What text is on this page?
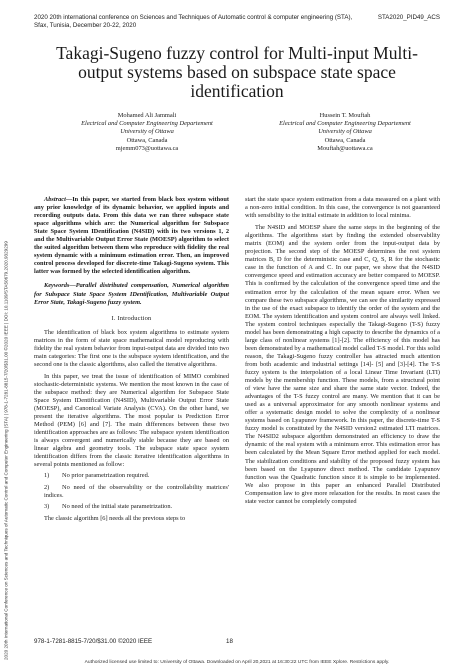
2020 20th international conference on Sciences and Techniques of Automatic control & computer engineering (STA), Sfax, Tunisia, December 20-22, 2020
STA2020_PID49_ACS
2020 20th International Conference on Sciences and Techniques of Automatic Control and Computer Engineering (STA) | 978-1-7281-8815-7/20/$31.00 ©2020 IEEE | DOI: 10.1109/STA50679.2020.9329299
Takagi-Sugeno fuzzy control for Multi-input Multi-output systems based on subspace state space identification
Mohamed Ali Jammali
Electrical and Computer Engineering Departement
University of Ottawa
Ottawa, Canada
mjemm073@uottawa.ca
Hussein T. Mouftah
Electrical and Computer Engineering Departement
University of Ottawa
Ottawa, Canada
Mouftah@uottawa.ca

Abstract—In this paper, we started from black box system without any prior knowledge of its dynamic behavior, we applied inputs and recording outputs data. From this data we ran three subspace state space algorithms which are: the Numerical algorithm for Subspace State Space System IDentification (N4SID) with its two versions 1, 2 and the Multivariable Output Error State (MOESP) algorithm to select the suited algorithm between them who reproduce with fidelity the real system dynamic with a minimum estimation error. Then, an improved control process developed for discrete-time Takagi-Sugeno system. This latter was formed by the selected identification algorithm.

Keywords—Parallel distributed compensation, Numerical algorithm for Subspace State Space System IDentification, Multivariable Output Error State, Takagi-Sugeno fuzzy system.

I. Introduction

The identification of black box system algorithms to estimate system matrices in the form of state space mathematical model reproducing with fidelity the real system behavior from input-output data are divided into two main categories: The first one is the subspace system identification, and the second one is the classic algorithms, also called the iterative algorithms.

In this paper, we treat the issue of identification of MIMO combined stochastic-deterministic systems. We mention the most known in the case of the subspace method: they are Numerical algorithm for Subspace State Space System IDentification (N4SID), Multivariable Output Error State (MOESP), and Canonical Variate Analysis (CVA). On the other hand, we present the iterative algorithms. The most popular is Prediction Error Method (PEM) [6] and [7]. The main differences between these two identification approaches are as follows: The subspace system identification is always convergent and numerically stable because they are based on linear algebra and geometry tools. The subspace state space system identification differs from the classic iterative identification algorithms in several points mentioned as follow:

1) No prior parametrization required.

2) No need of the observability or the controllability matrices' indices.

3) No need of the initial state parametrization.

The classic algorithm [6] needs all the previous steps to

start the state space system estimation from a data measured on a plant with a non-zero initial condition. In this case, the convergence is not guaranteed with sensibility to the initial estimate in addition to local minima.

The N4SID and MOESP share the same steps in the beginning of the algorithms. The algorithms start by finding the extended observability matrix (EOM) and the system order from the input-output data by projection. The second step of the MOESP determines the rest system matrices B, D for the deterministic case and C, Q, S, R for the stochastic case in the function of A and C. In our paper, we show that the N4SID convergence speed and estimation accuracy are better compared to MOESP. This is confirmed by the calculation of the convergence speed time and the estimation error by the calculation of the mean square error. When we compare these two subspace algorithms, we can see the similarity expressed in the use of the exact subspace to identify the order of the system and the EOM. The system identification and system control are always well linked. The system control techniques especially the Takagi-Sugeno (T-S) fuzzy model has been demonstrating a high capacity to describe the dynamics of a large class of nonlinear systems [1]-[2]. The efficiency of this model has been demonstrated by a mathematical model called T-S model. For this solid reason, the Takagi-Sugeno fuzzy controller has attracted much attention from both academic and industrial settings [14]- [5] and [3]-[4]. The T-S fuzzy system is the interpolation of a local Linear Time Invariant (LTI) models by the membership function. These models, from a structural point of view have the same size and share the same state vector. Indeed, the advantages of the T-S fuzzy control are many. We mention that it can be used as a universal approximator for any smooth nonlinear systems and offer a systematic design model to solve the complexity of a nonlinear systems based on Lyapunov framework. In this paper, the discrete-time T-S fuzzy model is constituted by the N4SID version2 estimated LTI matrices. The N4SID2 subspace algorithm demonstrated an efficiency to draw the dynamic of the real system with a minimum error. This estimation error has been calculated by the Mean Square Error method applied for each model. The stabilization conditions and stability of the proposed fuzzy system has been based on the Lyapunov direct method. The candidate Lyapunov function was the Quadratic function since it is simple to be implemented. We also propose in this paper an enhanced Parallel Distributed Compensation law to give more relaxation for the results. In most cases the state vector cannot be completely computed

978-1-7281-8815-7/20/$31.00 ©2020 IEEE	18
Authorized licensed use limited to: University of Ottawa. Downloaded on April 20,2021 at 16:30:22 UTC from IEEE Xplore. Restrictions apply.
